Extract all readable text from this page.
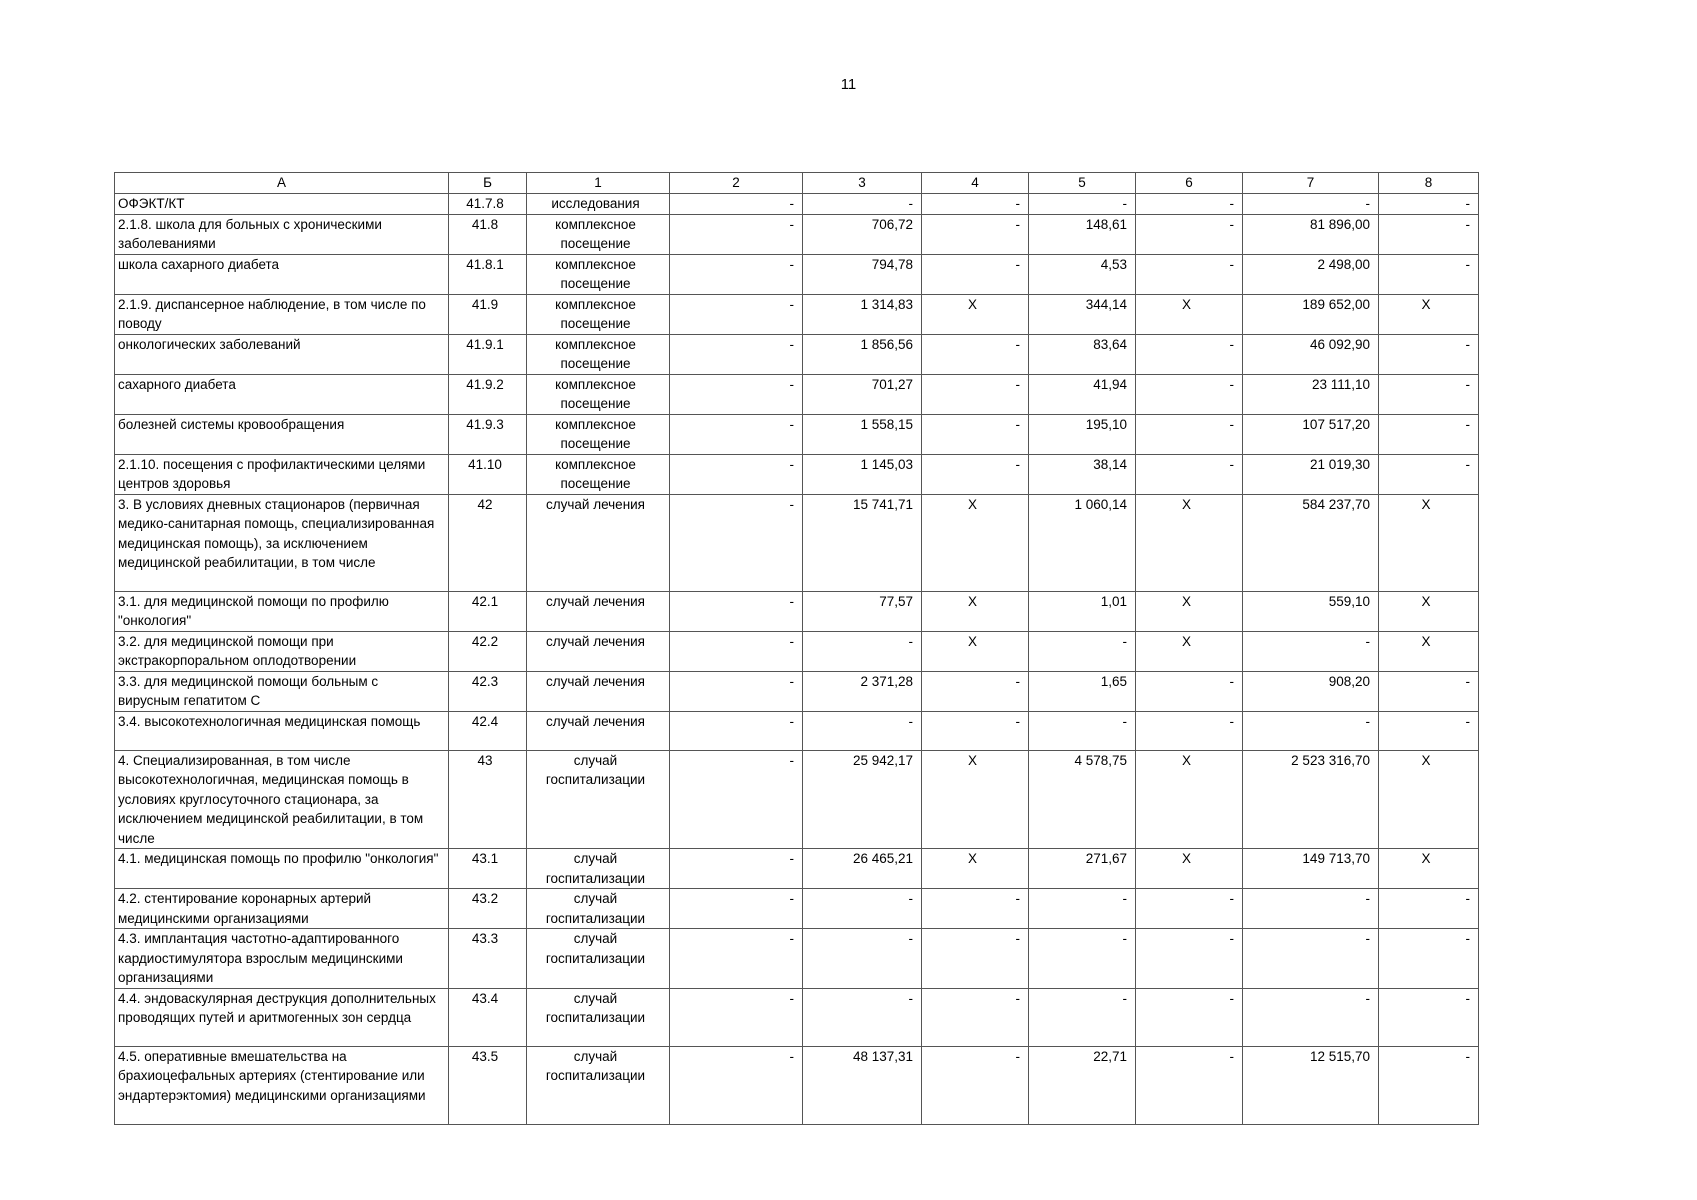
11
А	Б	1	2	3	4	5	6	7	8
ОФЭКТ/КТ	41.7.8	исследования	-	-	-	-	-	-	-
2.1.8. школа для больных с хроническими заболеваниями	41.8	комплексное посещение	-	706,72	-	148,61	-	81 896,00	-
школа сахарного диабета	41.8.1	комплексное посещение	-	794,78	-	4,53	-	2 498,00	-
2.1.9. диспансерное наблюдение, в том числе по поводу	41.9	комплексное посещение	-	1 314,83	X	344,14	X	189 652,00	X
онкологических заболеваний	41.9.1	комплексное посещение	-	1 856,56	-	83,64	-	46 092,90	-
сахарного диабета	41.9.2	комплексное посещение	-	701,27	-	41,94	-	23 111,10	-
болезней системы кровообращения	41.9.3	комплексное посещение	-	1 558,15	-	195,10	-	107 517,20	-
2.1.10. посещения с профилактическими целями центров здоровья	41.10	комплексное посещение	-	1 145,03	-	38,14	-	21 019,30	-
3. В условиях дневных стационаров (первичная медико-санитарная помощь, специализированная медицинская помощь), за исключением медицинской реабилитации, в том числе	42	случай лечения	-	15 741,71	X	1 060,14	X	584 237,70	X
3.1. для медицинской помощи по профилю "онкология"	42.1	случай лечения	-	77,57	X	1,01	X	559,10	X
3.2. для медицинской помощи при экстракорпоральном оплодотворении	42.2	случай лечения	-	-	X	-	X	-	X
3.3. для медицинской помощи больным с вирусным гепатитом С	42.3	случай лечения	-	2 371,28	-	1,65	-	908,20	-
3.4. высокотехнологичная медицинская помощь	42.4	случай лечения	-	-	-	-	-	-	-
4. Специализированная, в том числе высокотехнологичная, медицинская помощь в условиях круглосуточного стационара, за исключением медицинской реабилитации, в том числе	43	случай госпитализации	-	25 942,17	X	4 578,75	X	2 523 316,70	X
4.1. медицинская помощь по профилю "онкология"	43.1	случай госпитализации	-	26 465,21	X	271,67	X	149 713,70	X
4.2. стентирование коронарных артерий медицинскими организациями	43.2	случай госпитализации	-	-	-	-	-	-	-
4.3. имплантация частотно-адаптированного кардиостимулятора взрослым медицинскими организациями	43.3	случай госпитализации	-	-	-	-	-	-	-
4.4. эндоваскулярная деструкция дополнительных проводящих путей и аритмогенных зон сердца	43.4	случай госпитализации	-	-	-	-	-	-	-
4.5. оперативные вмешательства на брахиоцефальных артериях (стентирование или эндартерэктомия) медицинскими организациями	43.5	случай госпитализации	-	48 137,31	-	22,71	-	12 515,70	-
